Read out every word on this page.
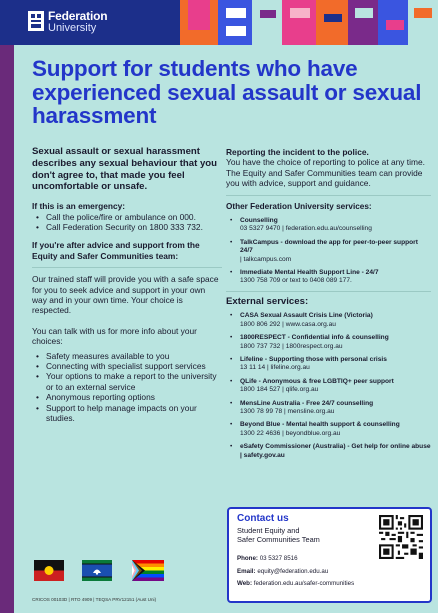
Federation
University
Support for students who have experienced sexual assault or sexual harassment

Sexual assault or sexual harassment describes any sexual behaviour that you don't agree to, that made you feel uncomfortable or unsafe.

If this is an emergency:

• Call the police/fire or ambulance on 000.
• Call Federation Security on 1800 333 732.

If you're after advice and support from the Equity and Safer Communities team:

Our trained staff will provide you with a safe space for you to seek advice and support in your own way and in your own time. Your choice is respected.

You can talk with us for more info about your choices:

• Safety measures available to you
• Connecting with specialist support services
• Your options to make a report to the university or to an external service
• Anonymous reporting options
• Support to help manage impacts on your studies.

Reporting the incident to the police.

You have the choice of reporting to police at any time. The Equity and Safer Communities team can provide you with advice, support and guidance.

Other Federation University services:

• Counselling
03 5327 9470 | federation.edu.au/counselling
• TalkCampus - download the app for peer-to-peer support 24/7
| talkcampus.com
• Immediate Mental Health Support Line - 24/7
1300 758 709 or text to 0408 089 177.

External services:

• CASA Sexual Assault Crisis Line (Victoria)
1800 806 292 | www.casa.org.au
• 1800RESPECT - Confidential info & counselling
1800 737 732 | 1800respect.org.au
• Lifeline - Supporting those with personal crisis
13 11 14 | lifeline.org.au
• QLife - Anonymous & free LGBTIQ+ peer support
1800 184 527 | qlife.org.au
• MensLine Australia - Free 24/7 counselling
1300 78 99 78 | mensline.org.au
• Beyond Blue - Mental health support & counselling
1300 22 4636 | beyondblue.org.au
• eSafety Commissioner (Australia) - Get help for online abuse | safety.gov.au
Contact us
Student Equity and
Safer Communities Team
Phone: 03 5327 8516
Email: equity@federation.edu.au
Web: federation.edu.au/safer-communities
CRICOS 00103D | RTO 4909 | TEQSA PRV12151 (Aust Uni)
